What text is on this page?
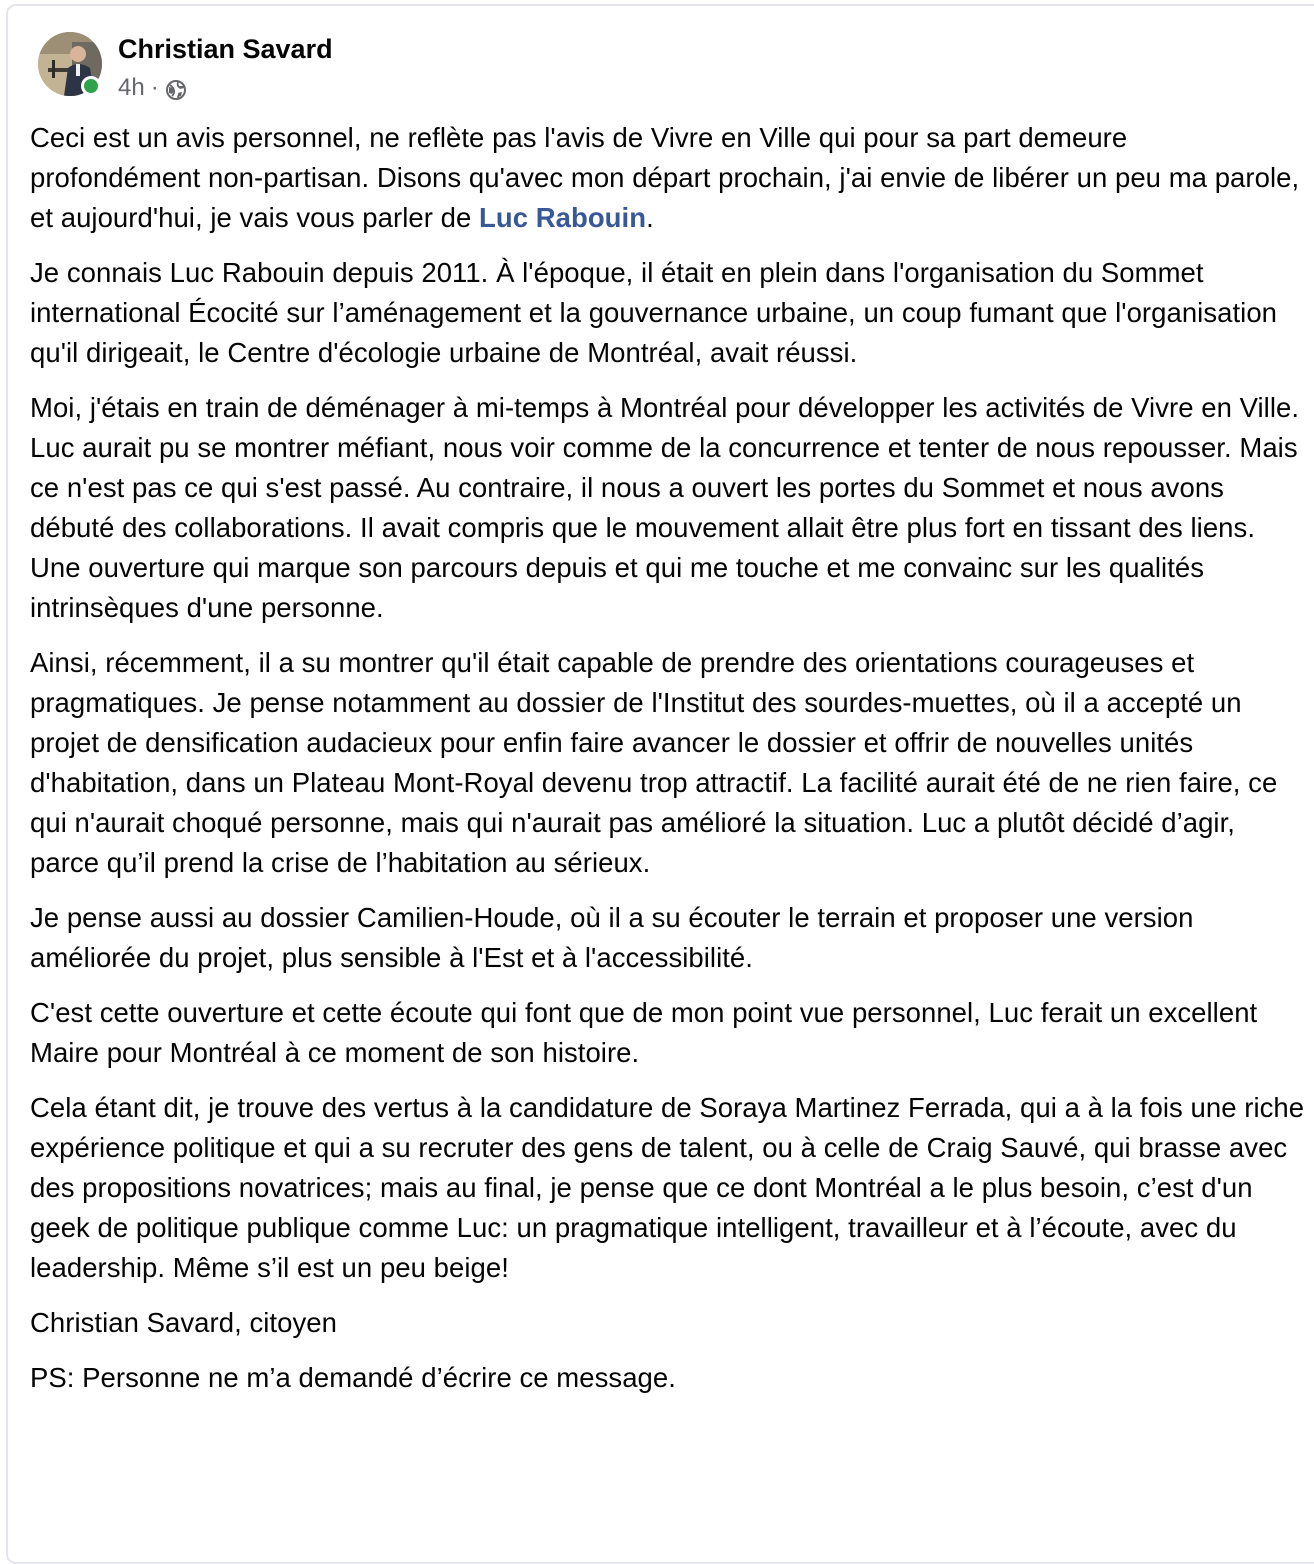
Christian Savard
4h ·

Ceci est un avis personnel, ne reflète pas l'avis de Vivre en Ville qui pour sa part demeure profondément non-partisan. Disons qu'avec mon départ prochain, j'ai envie de libérer un peu ma parole, et aujourd'hui, je vais vous parler de Luc Rabouin.

Je connais Luc Rabouin depuis 2011. À l'époque, il était en plein dans l'organisation du Sommet international Écocité sur l’aménagement et la gouvernance urbaine, un coup fumant que l'organisation qu'il dirigeait, le Centre d'écologie urbaine de Montréal, avait réussi.

Moi, j'étais en train de déménager à mi-temps à Montréal pour développer les activités de Vivre en Ville. Luc aurait pu se montrer méfiant, nous voir comme de la concurrence et tenter de nous repousser. Mais ce n'est pas ce qui s'est passé. Au contraire, il nous a ouvert les portes du Sommet et nous avons débuté des collaborations. Il avait compris que le mouvement allait être plus fort en tissant des liens. Une ouverture qui marque son parcours depuis et qui me touche et me convainc sur les qualités intrinsèques d'une personne.

Ainsi, récemment, il a su montrer qu'il était capable de prendre des orientations courageuses et pragmatiques. Je pense notamment au dossier de l'Institut des sourdes-muettes, où il a accepté un projet de densification audacieux pour enfin faire avancer le dossier et offrir de nouvelles unités d'habitation, dans un Plateau Mont-Royal devenu trop attractif. La facilité aurait été de ne rien faire, ce qui n'aurait choqué personne, mais qui n'aurait pas amélioré la situation. Luc a plutôt décidé d’agir, parce qu’il prend la crise de l’habitation au sérieux.

Je pense aussi au dossier Camilien-Houde, où il a su écouter le terrain et proposer une version améliorée du projet, plus sensible à l'Est et à l'accessibilité.

C'est cette ouverture et cette écoute qui font que de mon point vue personnel, Luc ferait un excellent Maire pour Montréal à ce moment de son histoire.

Cela étant dit, je trouve des vertus à la candidature de Soraya Martinez Ferrada, qui a à la fois une riche expérience politique et qui a su recruter des gens de talent, ou à celle de Craig Sauvé, qui brasse avec des propositions novatrices; mais au final, je pense que ce dont Montréal a le plus besoin, c’est d'un geek de politique publique comme Luc: un pragmatique intelligent, travailleur et à l’écoute, avec du leadership. Même s’il est un peu beige!

Christian Savard, citoyen

PS: Personne ne m’a demandé d’écrire ce message.
